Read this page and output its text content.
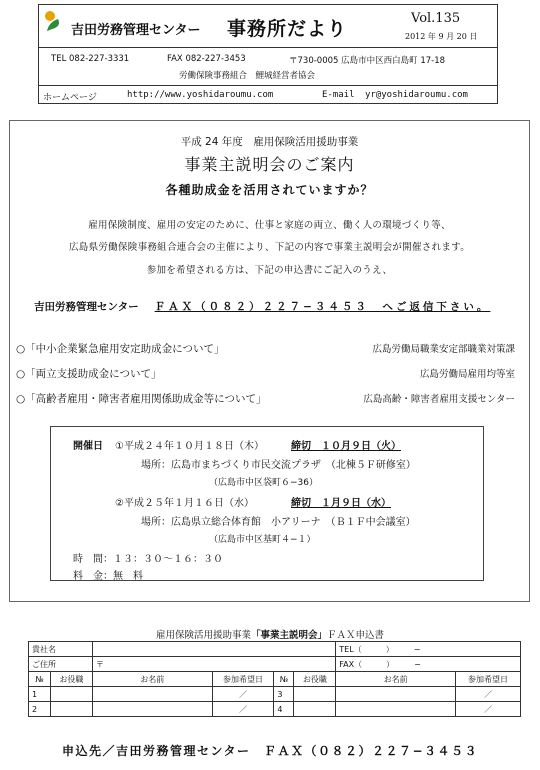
吉田労務管理センター 事務所だより	Vol.135
2012 年 9 月 20 日
TEL 082-227-3331	FAX 082-227-3453	〒730-0005 広島市中区西白島町 17-18
労働保険事務組合　鯉城経営者協会
ホームページ	http://www.yoshidaroumu.com	E-mail yr@yoshidaroumu.com
平成 24 年度　雇用保険活用援助事業
事業主説明会のご案内
各種助成金を活用されていますか？
雇用保険制度、雇用の安定のために、仕事と家庭の両立、働く人の環境づくり等、
広島県労働保険事務組合連合会の主催により、下記の内容で事業主説明会が開催されます。
参加を希望される方は、下記の申込書にご記入のうえ、
吉田労務管理センター ＦＡＸ（０８２）２２７−３４５３　へご返信下さい。
○「中小企業緊急雇用安定助成金について」	広島労働局職業安定部職業対策課
○「両立支援助成金について」	広島労働局雇用均等室
○「高齢者雇用・障害者雇用関係助成金等について」	広島高齢・障害者雇用支援センター
開催日 ①平成２４年１０月１８日（木）	締切　１０月９日（火）
場所：広島市まちづくり市民交流プラザ　（北棟５Ｆ研修室）
（広島市中区袋町６−36）
②平成２５年１月１６日（水）	締切　１月９日（水）
場所：広島県立総合体育館　小アリーナ　（Ｂ１Ｆ中会議室）
（広島市中区基町４−１）
時　間：１３：３０〜１６：３０
料　金：無　料
雇用保険活用援助事業「事業主説明会」ＦＡＸ申込書
貴社名						TEL（　　　）　　　−	
ご住所		〒				FAX（　　　）　　　−	
№	お役職	お名前	参加希望日	№	お役職	お名前	参加希望日
1			／	3			／
2			／	4			／
申込先／吉田労務管理センター　ＦＡＸ（０８２）２２７−３４５３
